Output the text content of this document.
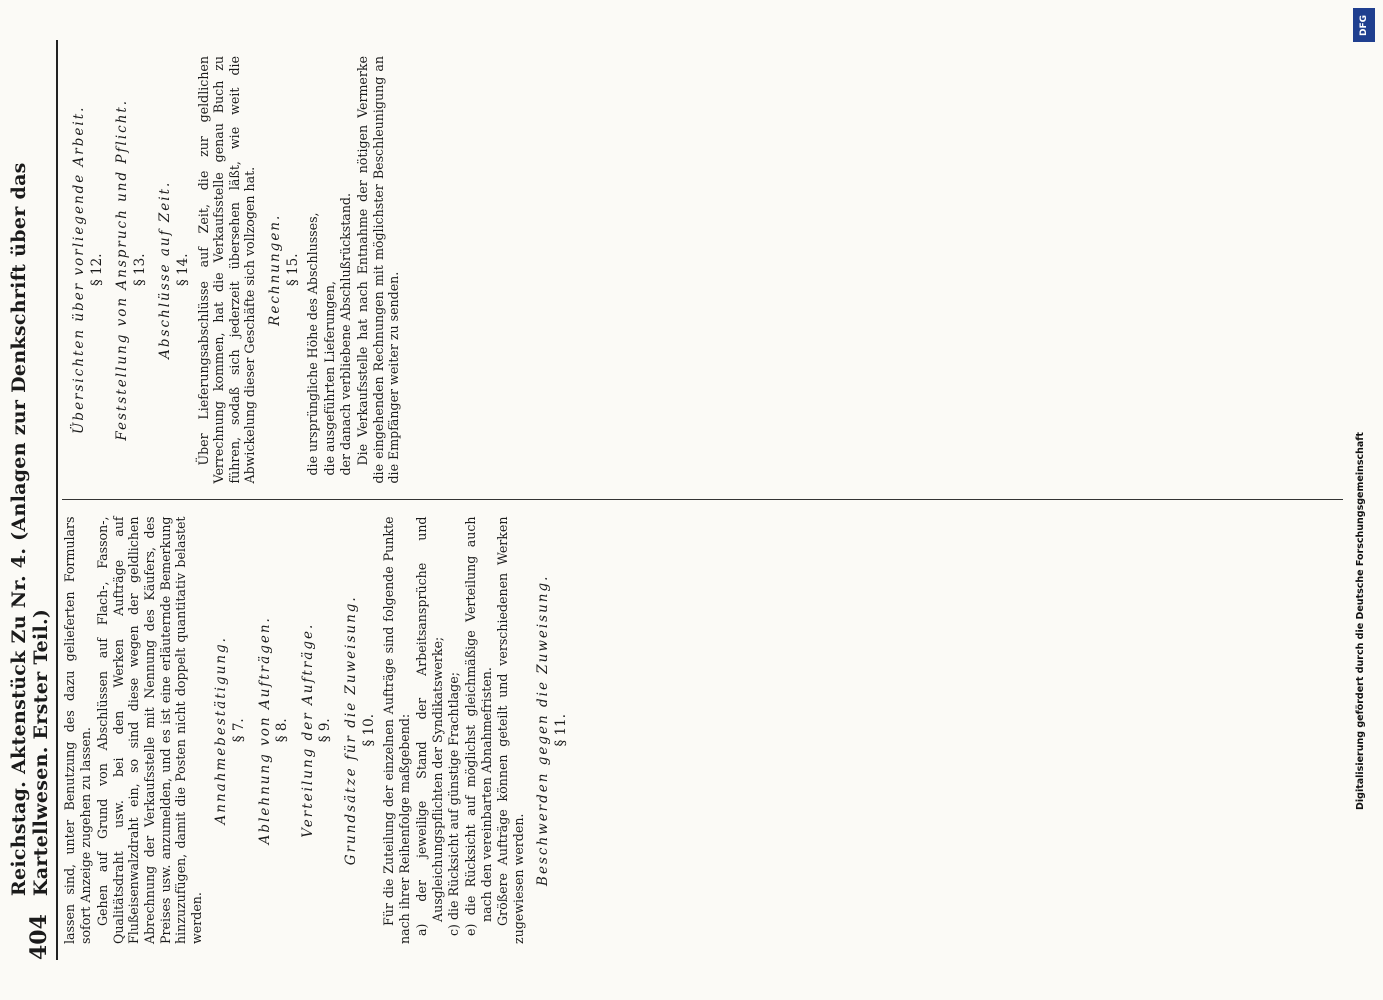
404
Reichstag. Aktenstück Zu Nr. 4. (Anlagen zur Denkschrift über das Kartellwesen. Erster Teil.) lassen sind, unter Benutzung des dazu gelieferten Formulars sofort Anzeige zugehen zu lassen. Gehen auf Grund von Abschlüssen auf Flach-, Fasson-, Qualitätsdraht usw. bei den Werken Aufträge auf Flußeisenwalzdraht ein, so sind diese wegen der geldlichen Abrechnung der Verkaufsstelle mit Nennung des Käufers, des Preises usw. anzumelden, und es ist eine erläuternde Bemerkung hinzuzufügen, damit die Posten nicht doppelt quantitativ belastet werden.

Annahmebestätigung. § 7. Ablehnung von Aufträgen. § 8. Verteilung der Aufträge. § 9. Grundsätze für die Zuweisung. § 10. Für die Zuteilung der einzelnen Aufträge sind folgende Punkte nach ihrer Reihenfolge maßgebend: a) der jeweilige Stand der Arbeitsansprüche und Ausgleichungspflichten der Syndikatswerke; c) die Rücksicht auf günstige Frachtlage; e) die Rücksicht auf möglichst gleichmäßige Verteilung auch nach den vereinbarten Abnahmefristen. Größere Aufträge können geteilt und verschiedenen Werken zugewiesen werden. Beschwerden gegen die Zuweisung. § 11.
Übersichten über vorliegende Arbeit. § 12. Feststellung von Anspruch und Pflicht. § 13. Abschlüsse auf Zeit. § 14. Über Lieferungsabschlüsse auf Zeit, die zur geldlichen Verrechnung kommen, hat die Verkaufsstelle genau Buch zu führen, sodaß sich jederzeit übersehen läßt, wie weit die Abwickelung dieser Geschäfte sich vollzogen hat. Rechnungen. § 15. die ursprüngliche Höhe des Abschlusses, die ausgeführten Lieferungen, der danach verbliebene Abschlußrückstand. Die Verkaufsstelle hat nach Entnahme der nötigen Vermerke die eingehenden Rechnungen mit möglichster Beschleunigung an die Empfänger weiter zu senden.

DFG
Digitalisierung gefördert durch die Deutsche Forschungsgemeinschaft
